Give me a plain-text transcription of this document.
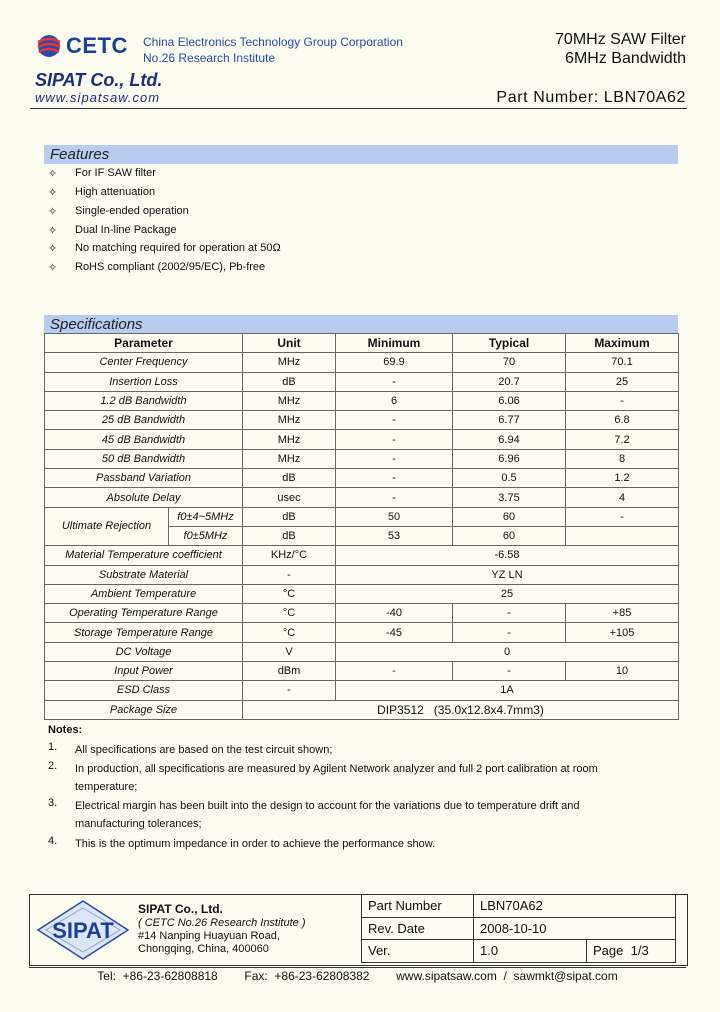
CETC China Electronics Technology Group Corporation
No.26 Research Institute
70MHz SAW Filter
6MHz Bandwidth
SIPAT Co., Ltd.
www.sipatsaw.com	Part Number: LBN70A62
Features
✧	For IF SAW filter
✧	High attenuation
✧	Single-ended operation
✧	Dual In-line Package
✧	No matching required for operation at 50Ω
✧	RoHS compliant (2002/95/EC), Pb-free
Specifications
Parameter		Unit	Minimum	Typical	Maximum
Center Frequency		MHz	69.9	70	70.1
Insertion Loss		dB	-	20.7	25
1.2 dB Bandwidth		MHz	6	6.06	-
25 dB Bandwidth		MHz	-	6.77	6.8
45 dB Bandwidth		MHz	-	6.94	7.2
50 dB Bandwidth		MHz	-	6.96	8
Passband Variation		dB	-	0.5	1.2
Absolute Delay		usec	-	3.75	4
Ultimate Rejection	f0±4~5MHz	dB	50	60	-
	f0±5MHz	dB	53	60	
Material Temperature coefficient		KHz/°C	-6.58		
Substrate Material		-	YZ LN		
Ambient Temperature		°C	25		
Operating Temperature Range		°C	-40	-	+85
Storage Temperature Range		°C	-45	-	+105
DC Voltage		V	0		
Input Power		dBm	-	-	10
ESD Class		-	1A		
Package Size		DIP3512   (35.0x12.8x4.7mm3)			
Notes:
1. All specifications are based on the test circuit shown;
2. In production, all specifications are measured by Agilent Network analyzer and full 2 port calibration at room temperature;
3. Electrical margin has been built into the design to account for the variations due to temperature drift and manufacturing tolerances;
4. This is the optimum impedance in order to achieve the performance show.
SIPAT
SIPAT Co., Ltd.
( CETC No.26 Research Institute )
#14 Nanping Huayuan Road,
Chongqing, China, 400060
Part Number	LBN70A62	
Rev. Date	2008-10-10	
Ver.	1.0	Page 1/3
Tel:  +86-23-62808818        Fax:  +86-23-62808382        www.sipatsaw.com  /  sawmkt@sipat.com
